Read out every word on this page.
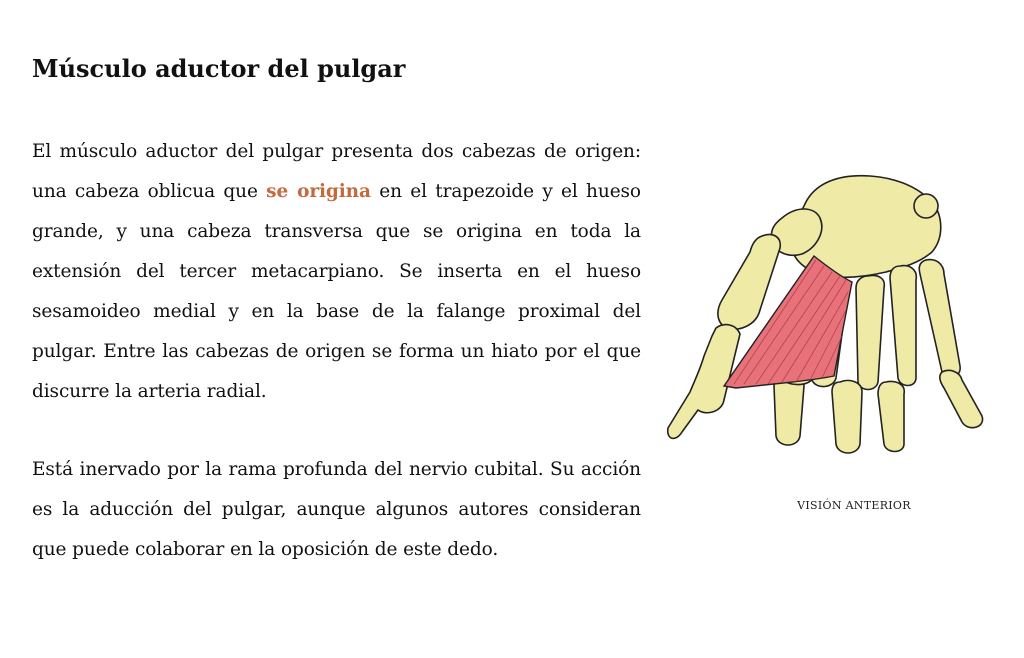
Músculo aductor del pulgar

El músculo aductor del pulgar presenta dos cabezas de origen: una cabeza oblicua que se origina en el trapezoide y el hueso grande, y una cabeza transversa que se origina en toda la extensión del tercer metacarpiano. Se inserta en el hueso sesamoideo medial y en la base de la falange proximal del pulgar. Entre las cabezas de origen se forma un hiato por el que discurre la arteria radial.

Está inervado por la rama profunda del nervio cubital. Su acción es la aducción del pulgar, aunque algunos autores consideran que puede colaborar en la oposición de este dedo.

VISIÓN ANTERIOR
